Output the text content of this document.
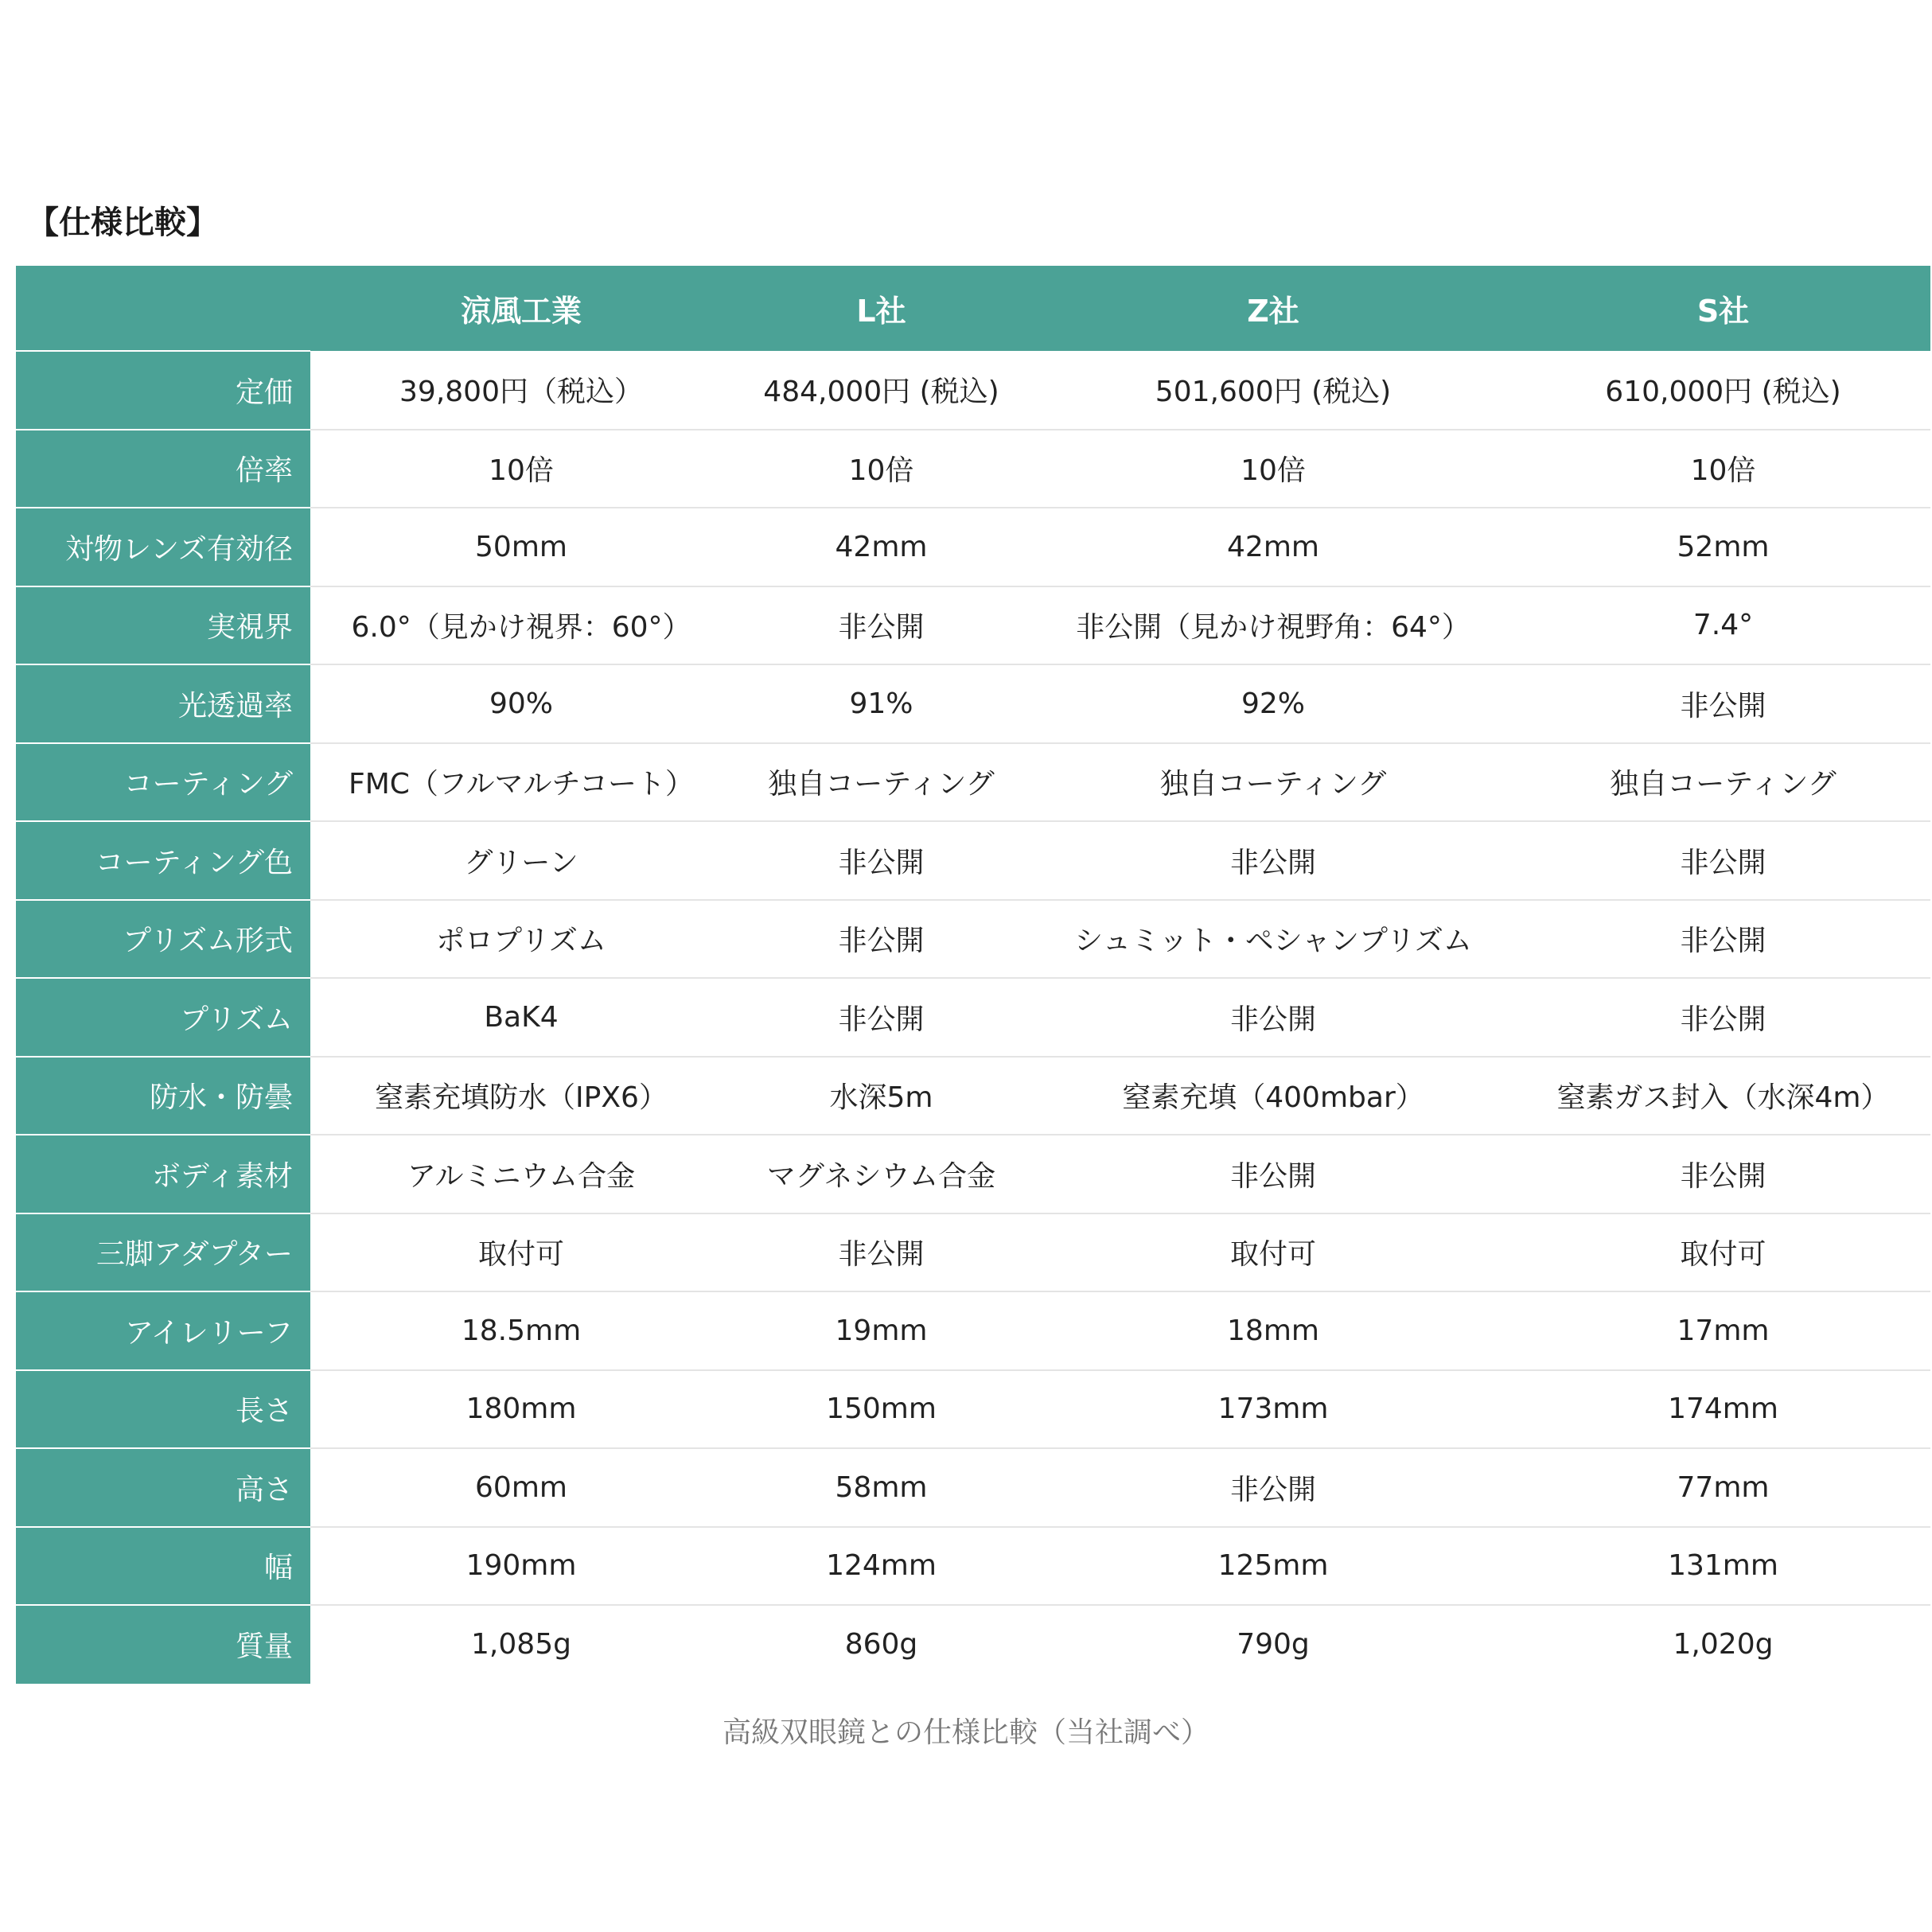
【仕様比較】
	涼風工業	L社	Z社	S社
定価	39,800円（税込）	484,000円 (税込)	501,600円 (税込)	610,000円 (税込)
倍率	10倍	10倍	10倍	10倍
対物レンズ有効径	50mm	42mm	42mm	52mm
実視界	6.0°（見かけ視界：60°）	非公開	非公開（見かけ視野角：64°）	7.4°
光透過率	90%	91%	92%	非公開
コーティング	FMC（フルマルチコート）	独自コーティング	独自コーティング	独自コーティング
コーティング色	グリーン	非公開	非公開	非公開
プリズム形式	ポロプリズム	非公開	シュミット・ペシャンプリズム	非公開
プリズム	BaK4	非公開	非公開	非公開
防水・防曇	窒素充填防水（IPX6）	水深5m	窒素充填（400mbar）	窒素ガス封入（水深4m）
ボディ素材	アルミニウム合金	マグネシウム合金	非公開	非公開
三脚アダプター	取付可	非公開	取付可	取付可
アイレリーフ	18.5mm	19mm	18mm	17mm
長さ	180mm	150mm	173mm	174mm
高さ	60mm	58mm	非公開	77mm
幅	190mm	124mm	125mm	131mm
質量	1,085g	860g	790g	1,020g
高級双眼鏡との仕様比較（当社調べ）
